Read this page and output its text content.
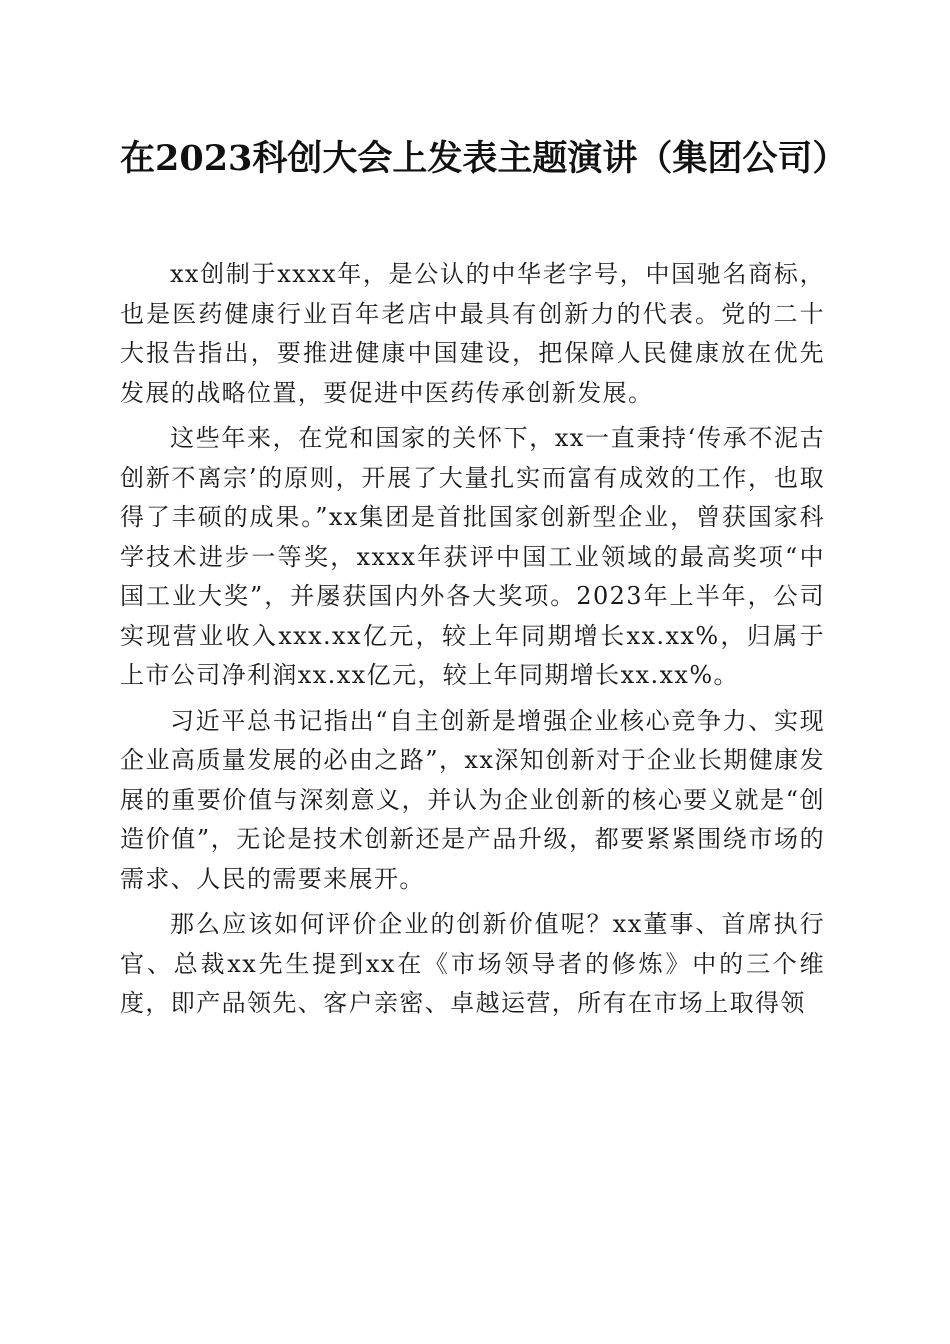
在2023科创大会上发表主题演讲（集团公司）

xx创制于xxxx年，是公认的中华老字号，中国驰名商标，也是医药健康行业百年老店中最具有创新力的代表。党的二十大报告指出，要推进健康中国建设，把保障人民健康放在优先发展的战略位置，要促进中医药传承创新发展。

这些年来，在党和国家的关怀下，xx一直秉持‘传承不泥古创新不离宗’的原则，开展了大量扎实而富有成效的工作，也取得了丰硕的成果。”xx集团是首批国家创新型企业，曾获国家科学技术进步一等奖，xxxx年获评中国工业领域的最高奖项“中国工业大奖”，并屡获国内外各大奖项。2023年上半年，公司实现营业收入xxx.xx亿元，较上年同期增长xx.xx%，归属于上市公司净利润xx.xx亿元，较上年同期增长xx.xx%。

习近平总书记指出“自主创新是增强企业核心竞争力、实现企业高质量发展的必由之路”，xx深知创新对于企业长期健康发展的重要价值与深刻意义，并认为企业创新的核心要义就是“创造价值”，无论是技术创新还是产品升级，都要紧紧围绕市场的需求、人民的需要来展开。

那么应该如何评价企业的创新价值呢？xx董事、首席执行官、总裁xx先生提到xx在《市场领导者的修炼》中的三个维度，即产品领先、客户亲密、卓越运营，所有在市场上取得领
